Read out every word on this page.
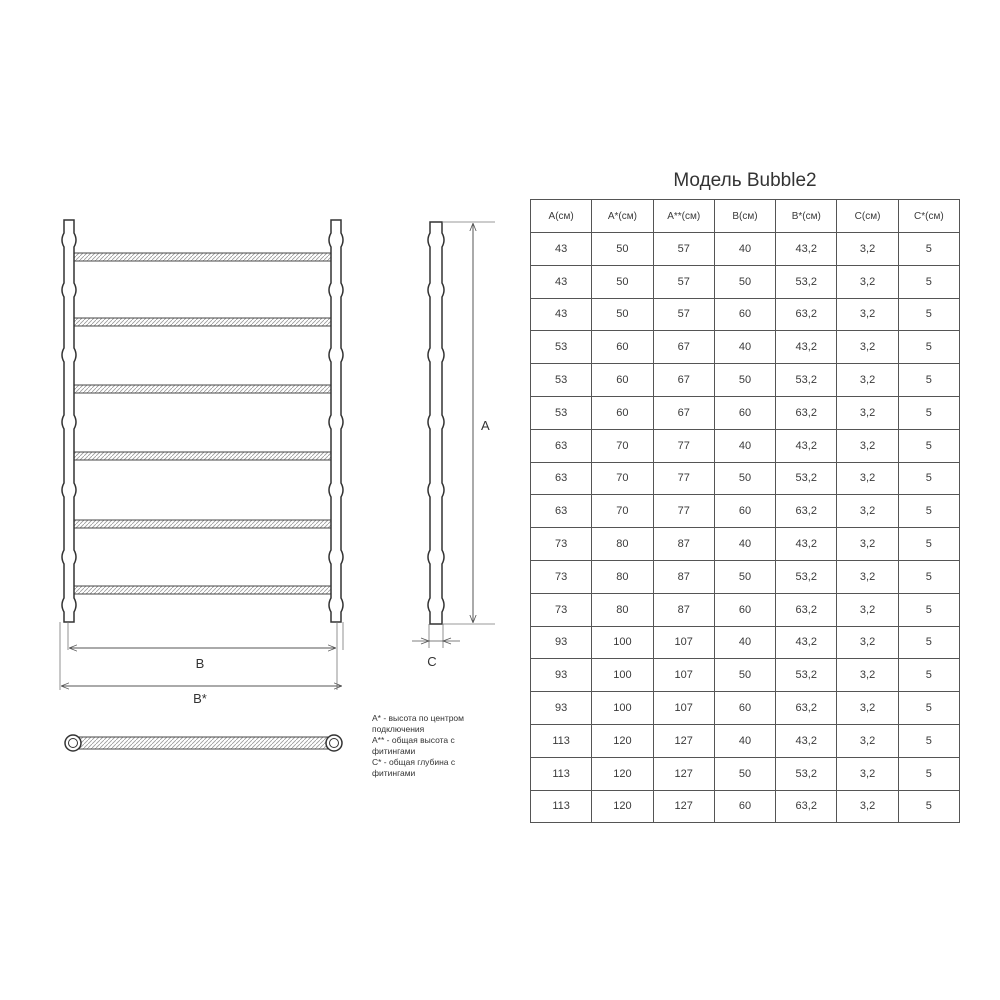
B
B*
A
C
Модель Bubble2
A(см)	A*(см)	A**(см)	B(см)	B*(см)	C(см)	C*(см)
43	50	57	40	43,2	3,2	5
43	50	57	50	53,2	3,2	5
43	50	57	60	63,2	3,2	5
53	60	67	40	43,2	3,2	5
53	60	67	50	53,2	3,2	5
53	60	67	60	63,2	3,2	5
63	70	77	40	43,2	3,2	5
63	70	77	50	53,2	3,2	5
63	70	77	60	63,2	3,2	5
73	80	87	40	43,2	3,2	5
73	80	87	50	53,2	3,2	5
73	80	87	60	63,2	3,2	5
93	100	107	40	43,2	3,2	5
93	100	107	50	53,2	3,2	5
93	100	107	60	63,2	3,2	5
113	120	127	40	43,2	3,2	5
113	120	127	50	53,2	3,2	5
113	120	127	60	63,2	3,2	5
A* - высота по центром
подключения
A** - общая высота с
фитингами
C* - общая глубина с
фитингами
